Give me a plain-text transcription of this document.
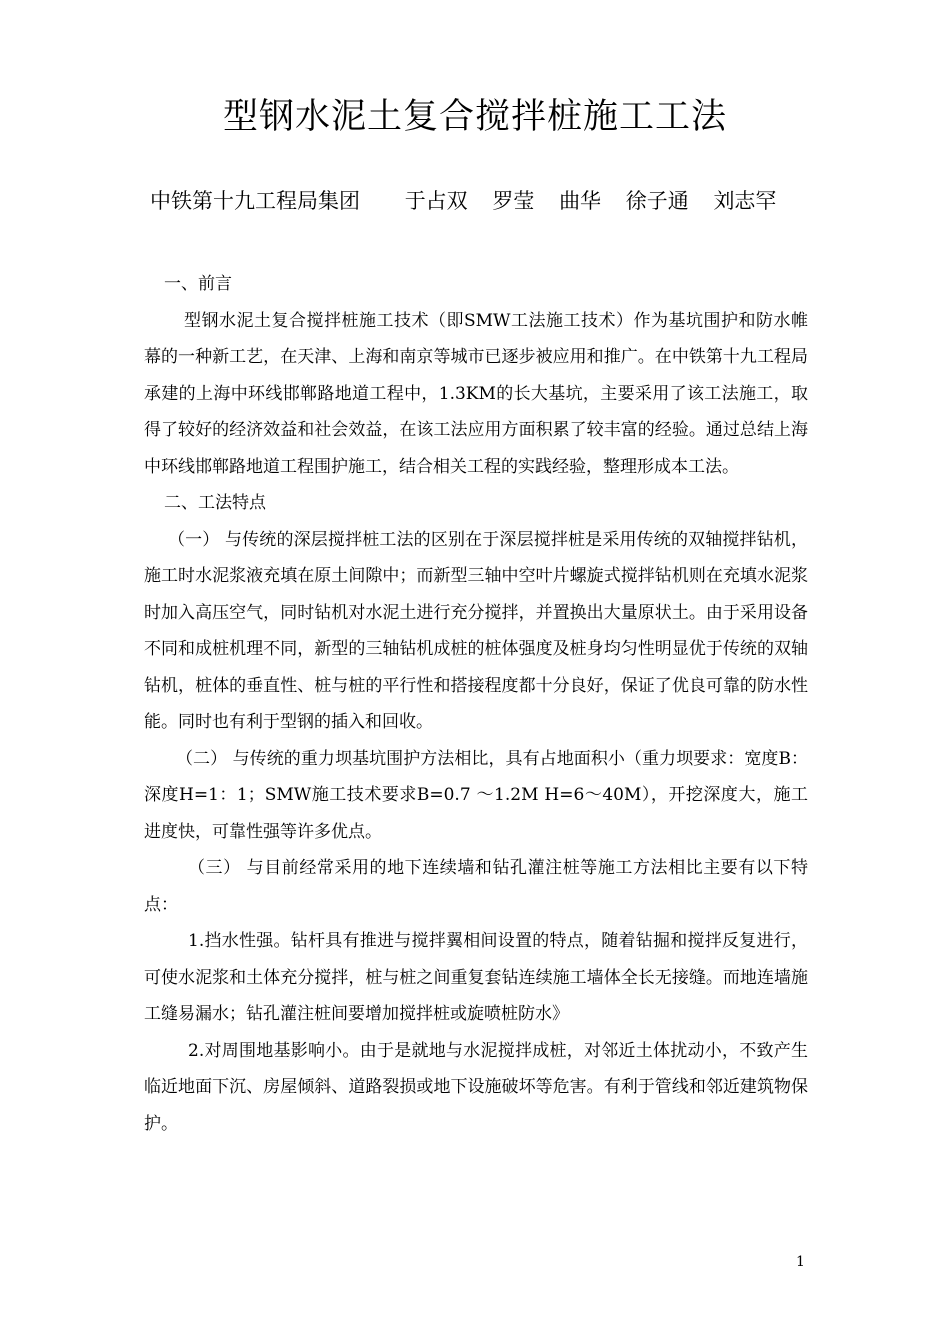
型钢水泥土复合搅拌桩施工工法
中铁第十九工程局集团 于占双 罗莹 曲华 徐子通 刘志罕

一、前言

型钢水泥土复合搅拌桩施工技术（即SMW工法施工技术）作为基坑围护和防水帷幕的一种新工艺，在天津、上海和南京等城市已逐步被应用和推广。在中铁第十九工程局承建的上海中环线邯郸路地道工程中，1.3KM的长大基坑，主要采用了该工法施工，取得了较好的经济效益和社会效益，在该工法应用方面积累了较丰富的经验。通过总结上海中环线邯郸路地道工程围护施工，结合相关工程的实践经验，整理形成本工法。

二、工法特点

（一） 与传统的深层搅拌桩工法的区别在于深层搅拌桩是采用传统的双轴搅拌钻机，施工时水泥浆液充填在原土间隙中；而新型三轴中空叶片螺旋式搅拌钻机则在充填水泥浆时加入高压空气，同时钻机对水泥土进行充分搅拌，并置换出大量原状土。由于采用设备不同和成桩机理不同，新型的三轴钻机成桩的桩体强度及桩身均匀性明显优于传统的双轴钻机，桩体的垂直性、桩与桩的平行性和搭接程度都十分良好，保证了优良可靠的防水性能。同时也有利于型钢的插入和回收。

（二） 与传统的重力坝基坑围护方法相比，具有占地面积小（重力坝要求：宽度B：深度H=1：1；SMW施工技术要求B=0.7 ～1.2M H=6～40M），开挖深度大，施工进度快，可靠性强等许多优点。

（三） 与目前经常采用的地下连续墙和钻孔灌注桩等施工方法相比主要有以下特点：

1.挡水性强。钻杆具有推进与搅拌翼相间设置的特点，随着钻掘和搅拌反复进行，可使水泥浆和土体充分搅拌，桩与桩之间重复套钻连续施工墙体全长无接缝。而地连墙施工缝易漏水；钻孔灌注桩间要增加搅拌桩或旋喷桩防水》

2.对周围地基影响小。由于是就地与水泥搅拌成桩，对邻近土体扰动小，不致产生临近地面下沉、房屋倾斜、道路裂损或地下设施破坏等危害。有利于管线和邻近建筑物保护。

1
